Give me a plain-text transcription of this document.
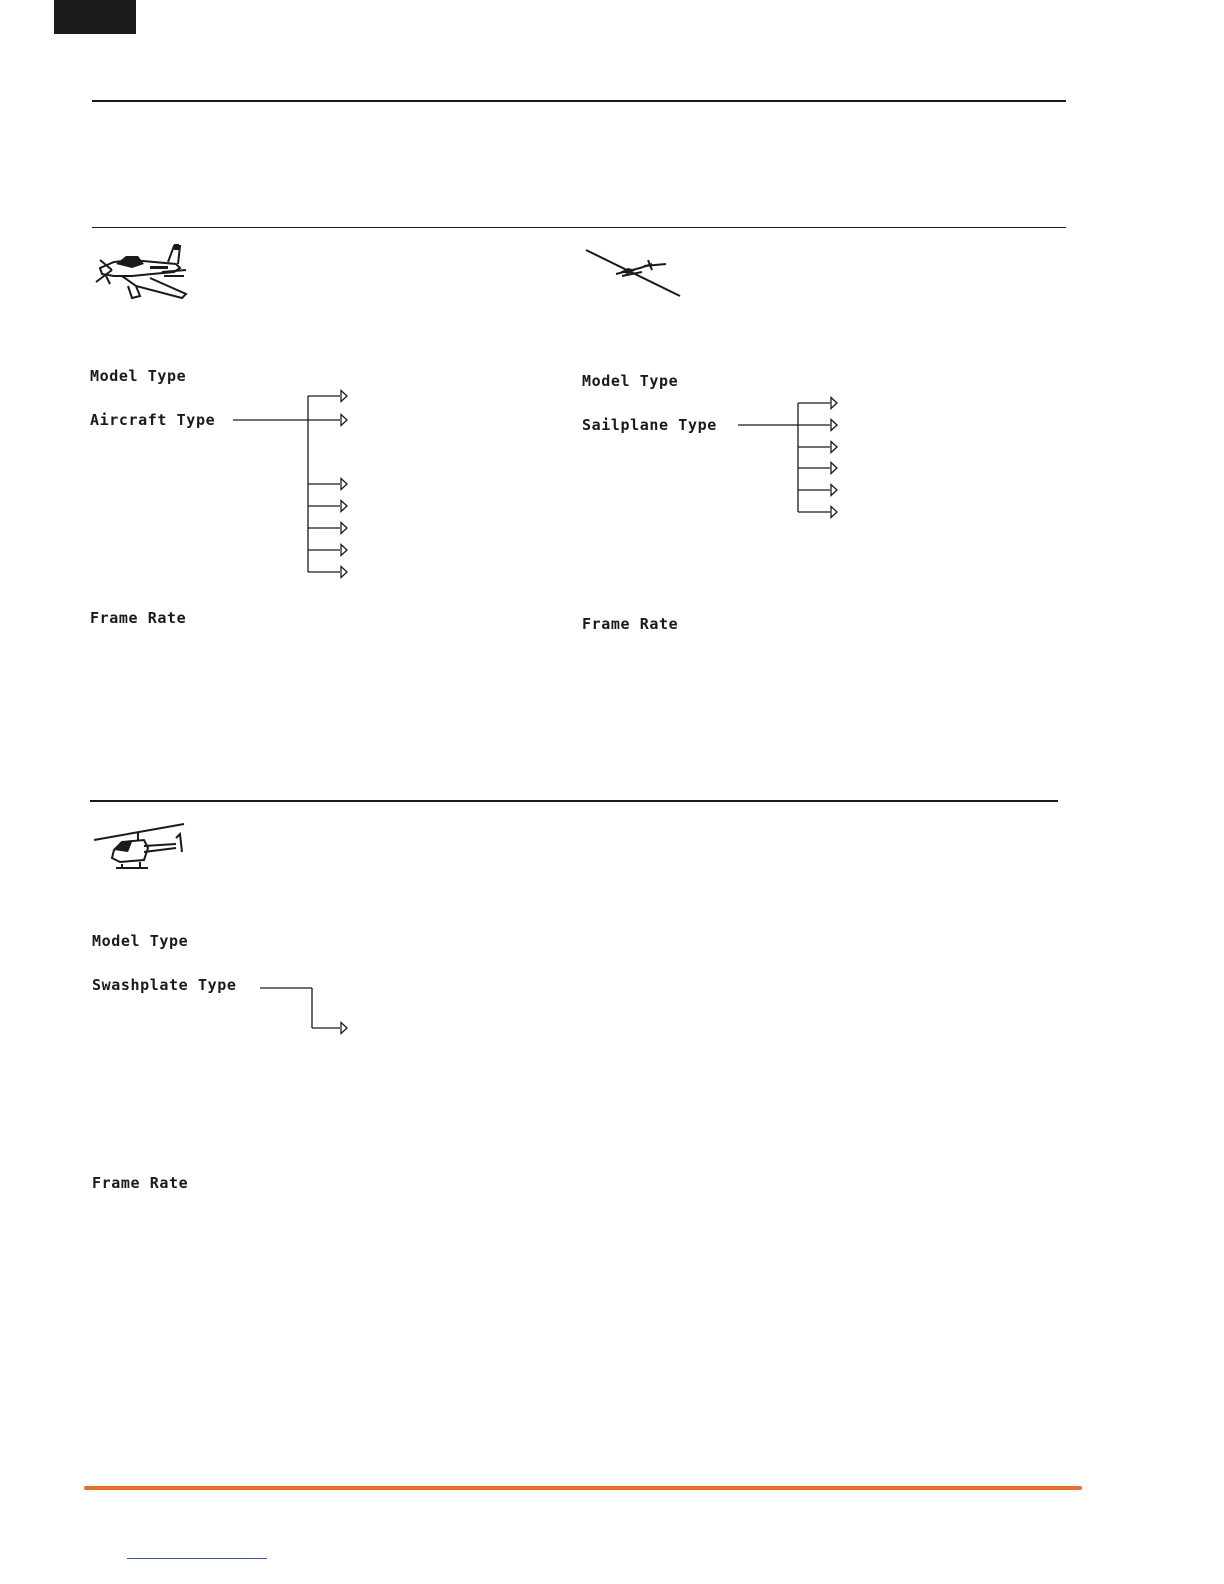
Model Type
Aircraft Type
Frame Rate
Model Type
Sailplane Type
Frame Rate
Model Type
Swashplate Type
Frame Rate
